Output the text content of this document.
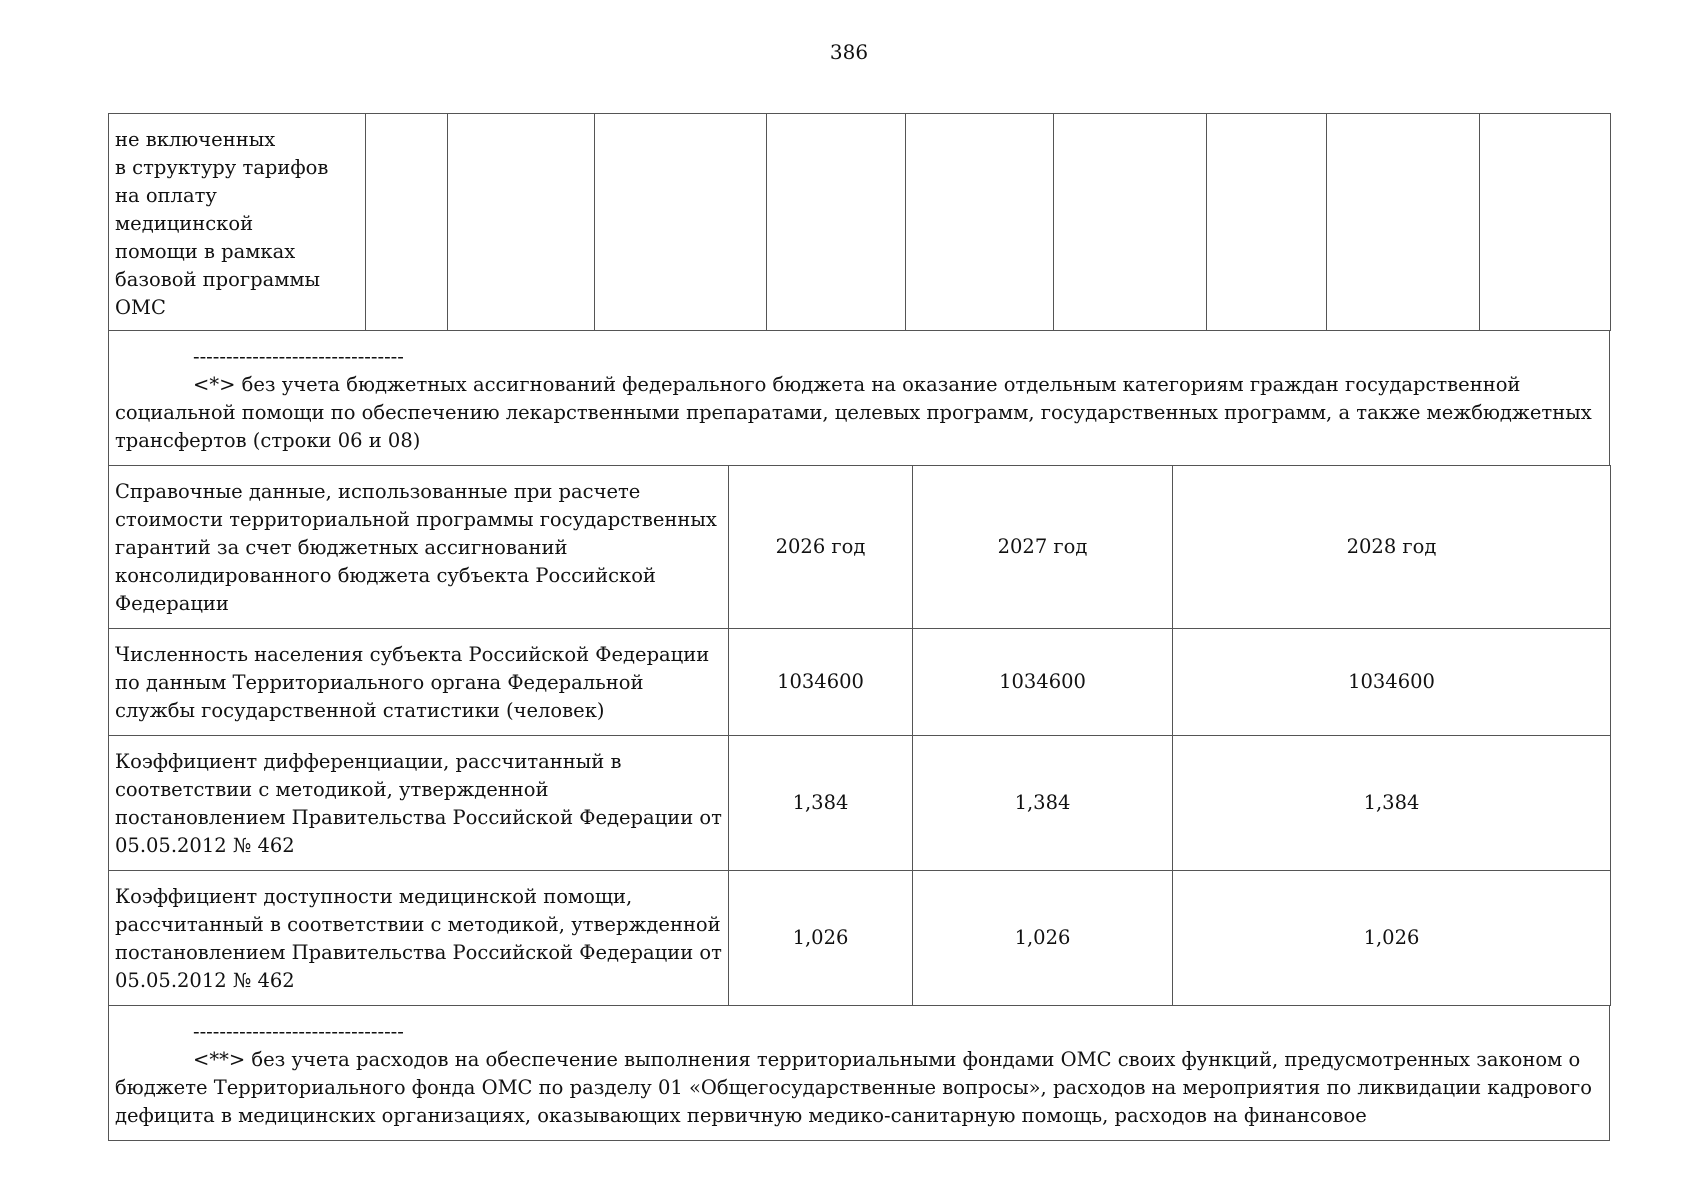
386
не включенных
в структуру тарифов
на оплату медицинской
помощи в рамках
базовой программы
ОМС

--------------------------------

<*> без учета бюджетных ассигнований федерального бюджета на оказание отдельным категориям граждан государственной социальной помощи по обеспечению лекарственными препаратами, целевых программ, государственных программ, а также межбюджетных трансфертов (строки 06 и 08)

Справочные данные, использованные при расчете стоимости территориальной программы государственных гарантий за счет бюджетных ассигнований консолидированного бюджета субъекта Российской Федерации	2026 год	2027 год	2028 год
Численность населения субъекта Российской Федерации по данным Территориального органа Федеральной службы государственной статистики (человек)	1034600	1034600	1034600
Коэффициент дифференциации, рассчитанный в соответствии с методикой, утвержденной постановлением Правительства Российской Федерации от 05.05.2012 № 462	1,384	1,384	1,384
Коэффициент доступности медицинской помощи, рассчитанный в соответствии с методикой, утвержденной постановлением Правительства Российской Федерации от 05.05.2012 № 462	1,026	1,026	1,026
--------------------------------

<**> без учета расходов на обеспечение выполнения территориальными фондами ОМС своих функций, предусмотренных законом о бюджете Территориального фонда ОМС по разделу 01 «Общегосударственные вопросы», расходов на мероприятия по ликвидации кадрового дефицита в медицинских организациях, оказывающих первичную медико-санитарную помощь, расходов на финансовое
